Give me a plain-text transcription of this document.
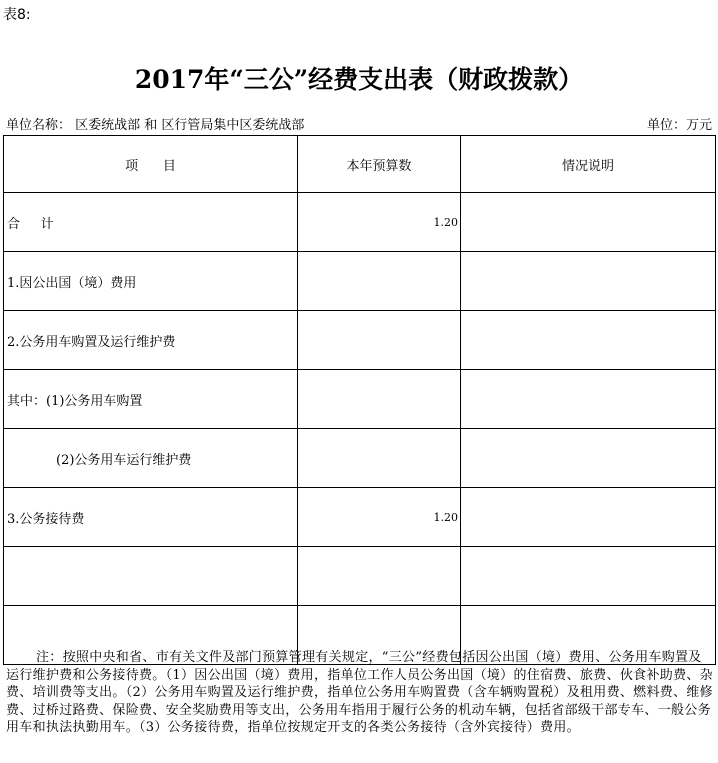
表8:
2017年“三公”经费支出表（财政拨款）
单位名称： 区委统战部 和 区行管局集中区委统战部	单位：万元
项      目	本年预算数	情况说明
合     计	1.20	
1.因公出国（境）费用		
2.公务用车购置及运行维护费		
其中：(1)公务用车购置		
(2)公务用车运行维护费		
3.公务接待费	1.20	

注：按照中央和省、市有关文件及部门预算管理有关规定，“三公”经费包括因公出国（境）费用、公务用车购置及运行维护费和公务接待费。（1）因公出国（境）费用，指单位工作人员公务出国（境）的住宿费、旅费、伙食补助费、杂费、培训费等支出。（2）公务用车购置及运行维护费，指单位公务用车购置费（含车辆购置税）及租用费、燃料费、维修费、过桥过路费、保险费、安全奖励费用等支出，公务用车指用于履行公务的机动车辆，包括省部级干部专车、一般公务用车和执法执勤用车。（3）公务接待费，指单位按规定开支的各类公务接待（含外宾接待）费用。
